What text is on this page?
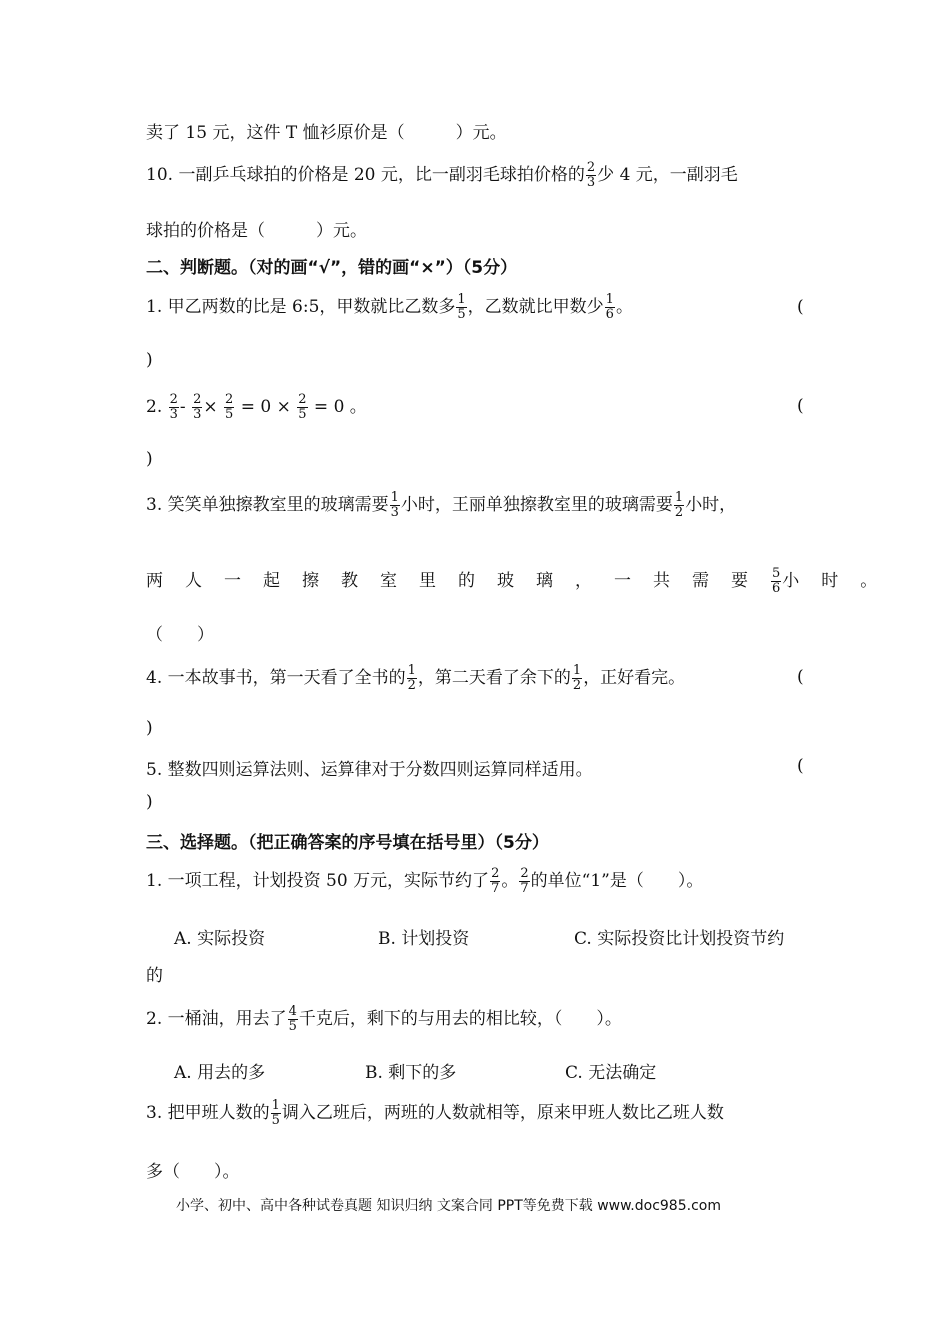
卖了 15 元，这件 T 恤衫原价是（　　　）元。
10. 一副乒乓球拍的价格是 20 元，比一副羽毛球拍价格的 $\frac{2}{3}$ 少 4 元，一副羽毛
球拍的价格是（　　　）元。
二、判断题。（对的画“√”，错的画“×”）（5分）
1. 甲乙两数的比是 6:5，甲数就比乙数多 $\frac{1}{5}$ ，乙数就比甲数少 $\frac{1}{6}$ 。	(
)
2. $\frac{2}{3} - \frac{2}{3} \times \frac{2}{5} = 0 \times \frac{2}{5} = 0$ 。	(
)
3. 笑笑单独擦教室里的玻璃需要 $\frac{1}{3}$ 小时，王丽单独擦教室里的玻璃需要 $\frac{1}{2}$ 小时，
两人一起擦教室里的玻璃，一共需要 $\frac{5}{6}$ 小时。
（　　）
4. 一本故事书，第一天看了全书的 $\frac{1}{2}$ ，第二天看了余下的 $\frac{1}{2}$ ，正好看完。	(
)
5. 整数四则运算法则、运算律对于分数四则运算同样适用。	(
)
三、选择题。（把正确答案的序号填在括号里）（5分）
1. 一项工程，计划投资 50 万元，实际节约了 $\frac{2}{7}$ 。 $\frac{2}{7}$ 的单位“1”是（　　）。
A. 实际投资	B. 计划投资	C. 实际投资比计划投资节约
的
2. 一桶油，用去了 $\frac{4}{5}$ 千克后，剩下的与用去的相比较，（　　）。
A. 用去的多	B. 剩下的多	C. 无法确定
3. 把甲班人数的 $\frac{1}{5}$ 调入乙班后，两班的人数就相等，原来甲班人数比乙班人数
多（　　）。
小学、初中、高中各种试卷真题 知识归纳 文案合同 PPT等免费下载 www.doc985.com
